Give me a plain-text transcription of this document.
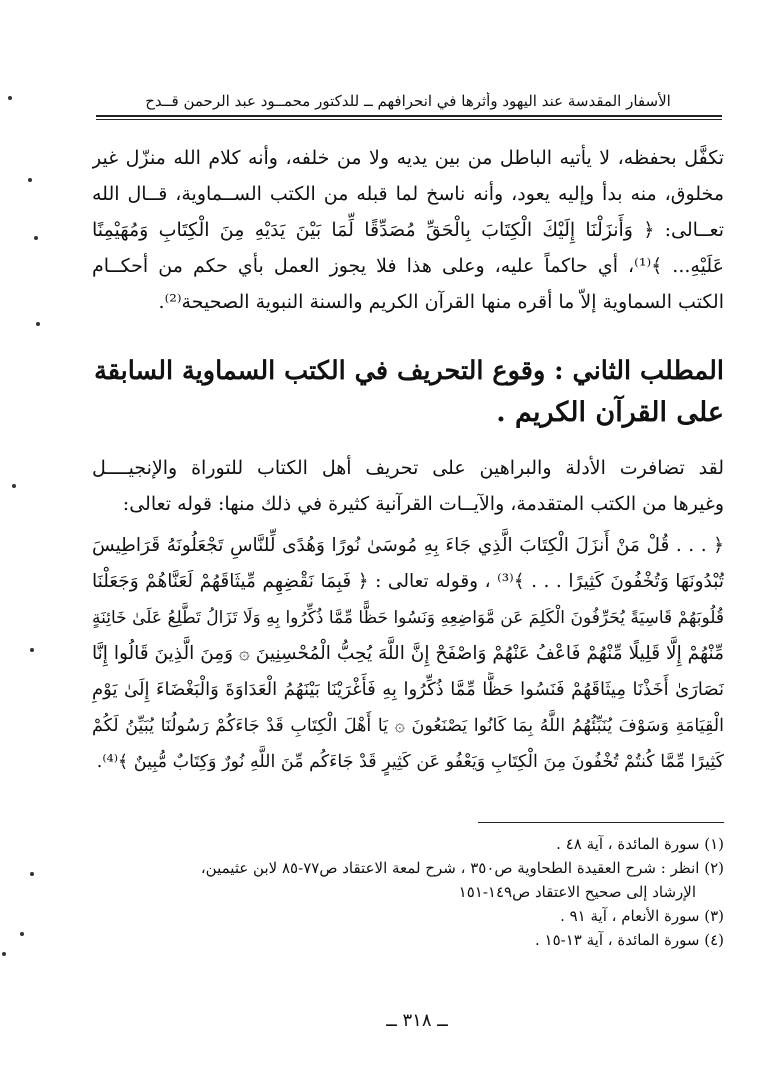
الأسفار المقدسة عند اليهود وأثرها في انحرافهم ــ للدكتور محمــود عبد الرحمن قــدح
تكفَّل بحفظه، لا يأتيه الباطل من بين يديه ولا من خلفه، وأنه كلام الله منزّل غير
مخلوق، منه بدأ وإليه يعود، وأنه ناسخ لما قبله من الكتب الســماوية، قــال الله
تعــالى: ﴿ وَأَنزَلْنَا إِلَيْكَ الْكِتَابَ بِالْحَقِّ مُصَدِّقًا لِّمَا بَيْنَ يَدَيْهِ مِنَ الْكِتَابِ وَمُهَيْمِنًا
عَلَيْهِ... ﴾⁽¹⁾، أي حاكماً عليه، وعلى هذا فلا يجوز العمل بأي حكم من أحكــام
الكتب السماوية إلاّ ما أقره منها القرآن الكريم والسنة النبوية الصحيحة⁽²⁾.
المطلب الثاني : وقوع التحريف في الكتب السماوية السابقة
على القرآن الكريم .
لقد تضافرت الأدلة والبراهين على تحريف أهل الكتاب للتوراة والإنجيــــل
وغيرها من الكتب المتقدمة، والآيــات القرآنية كثيرة في ذلك منها: قوله تعالى:
﴿ . . . قُلْ مَنْ أَنزَلَ الْكِتَابَ الَّذِي جَاءَ بِهِ مُوسَىٰ نُورًا وَهُدًى لِّلنَّاسِ تَجْعَلُونَهُ قَرَاطِيسَ
تُبْدُونَهَا وَتُخْفُونَ كَثِيرًا . . . ﴾⁽³⁾ ، وقوله تعالى : ﴿ فَبِمَا نَقْضِهِم مِّيثَاقَهُمْ لَعَنَّاهُمْ وَجَعَلْنَا
قُلُوبَهُمْ قَاسِيَةً يُحَرِّفُونَ الْكَلِمَ عَن مَّوَاضِعِهِ وَنَسُوا حَظًّا مِّمَّا ذُكِّرُوا بِهِ وَلَا تَزَالُ تَطَّلِعُ عَلَىٰ خَائِنَةٍ
مِّنْهُمْ إِلَّا قَلِيلًا مِّنْهُمْ فَاعْفُ عَنْهُمْ وَاصْفَحْ إِنَّ اللَّهَ يُحِبُّ الْمُحْسِنِينَ ۞ وَمِنَ الَّذِينَ قَالُوا إِنَّا
نَصَارَىٰ أَخَذْنَا مِيثَاقَهُمْ فَنَسُوا حَظًّا مِّمَّا ذُكِّرُوا بِهِ فَأَغْرَيْنَا بَيْنَهُمُ الْعَدَاوَةَ وَالْبَغْضَاءَ إِلَىٰ يَوْمِ
الْقِيَامَةِ وَسَوْفَ يُنَبِّئُهُمُ اللَّهُ بِمَا كَانُوا يَصْنَعُونَ ۞ يَا أَهْلَ الْكِتَابِ قَدْ جَاءَكُمْ رَسُولُنَا يُبَيِّنُ لَكُمْ
كَثِيرًا مِّمَّا كُنتُمْ تُخْفُونَ مِنَ الْكِتَابِ وَيَعْفُو عَن كَثِيرٍ قَدْ جَاءَكُم مِّنَ اللَّهِ نُورٌ وَكِتَابٌ مُّبِينٌ ﴾⁽⁴⁾.
(١) سورة المائدة ، آية ٤٨ .
(٢) انظر : شرح العقيدة الطحاوية ص٣٥٠ ، شرح لمعة الاعتقاد ص٧٧-٨٥ لابن عثيمين،
الإرشاد إلى صحيح الاعتقاد ص١٤٩-١٥١
(٣) سورة الأنعام ، آية ٩١ .
(٤) سورة المائدة ، آية ١٣-١٥ .
ــ ٣١٨ ــ
